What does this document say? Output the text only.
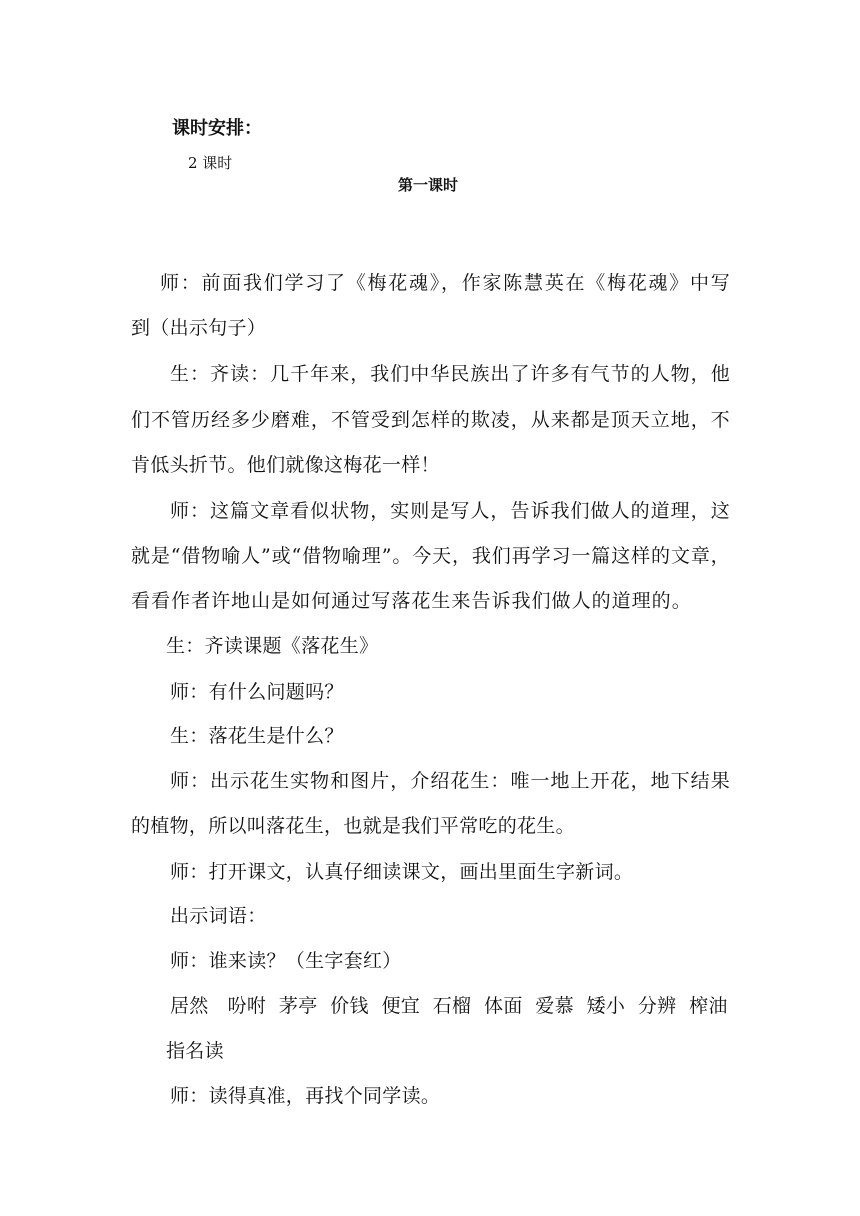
课时安排：
2 课时
第一课时
师：前面我们学习了《梅花魂》，作家陈慧英在《梅花魂》中写
到（出示句子）
生：齐读：几千年来，我们中华民族出了许多有气节的人物，他
们不管历经多少磨难，不管受到怎样的欺凌，从来都是顶天立地，不
肯低头折节。他们就像这梅花一样！
师：这篇文章看似状物，实则是写人，告诉我们做人的道理，这
就是“借物喻人”或“借物喻理”。今天，我们再学习一篇这样的文章，
看看作者许地山是如何通过写落花生来告诉我们做人的道理的。
生：齐读课题《落花生》
师：有什么问题吗？
生：落花生是什么？
师：出示花生实物和图片，介绍花生：唯一地上开花，地下结果
的植物，所以叫落花生，也就是我们平常吃的花生。
师：打开课文，认真仔细读课文，画出里面生字新词。
出示词语：
师：谁来读？（生字套红）
居然   吩咐  茅亭  价钱  便宜  石榴  体面  爱慕  矮小  分辨  榨油
指名读
师：读得真准，再找个同学读。
